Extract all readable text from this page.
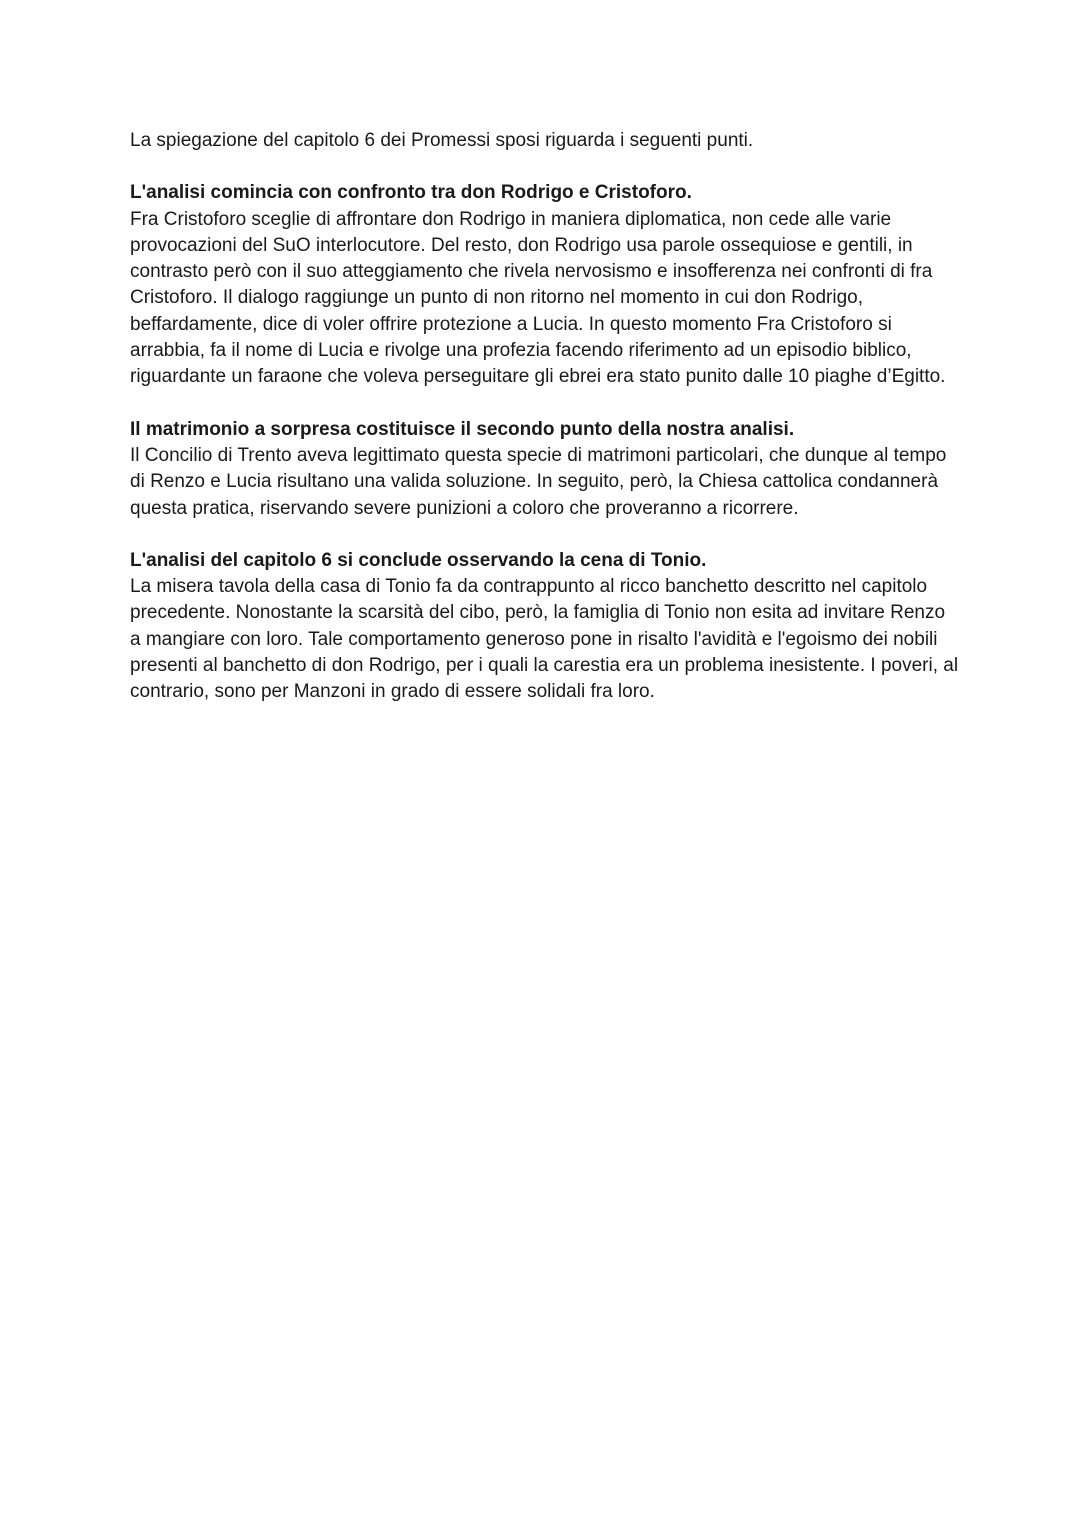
La spiegazione del capitolo 6 dei Promessi sposi riguarda i seguenti punti.

L'analisi comincia con confronto tra don Rodrigo e Cristoforo.

Fra Cristoforo sceglie di affrontare don Rodrigo in maniera diplomatica, non cede alle varie provocazioni del SuO interlocutore. Del resto, don Rodrigo usa parole ossequiose e gentili, in contrasto però con il suo atteggiamento che rivela nervosismo e insofferenza nei confronti di fra Cristoforo. Il dialogo raggiunge un punto di non ritorno nel momento in cui don Rodrigo, beffardamente, dice di voler offrire protezione a Lucia. In questo momento Fra Cristoforo si arrabbia, fa il nome di Lucia e rivolge una profezia facendo riferimento ad un episodio biblico, riguardante un faraone che voleva perseguitare gli ebrei era stato punito dalle 10 piaghe d’Egitto.

Il matrimonio a sorpresa costituisce il secondo punto della nostra analisi.

Il Concilio di Trento aveva legittimato questa specie di matrimoni particolari, che dunque al tempo di Renzo e Lucia risultano una valida soluzione. In seguito, però, la Chiesa cattolica condannerà questa pratica, riservando severe punizioni a coloro che proveranno a ricorrere.

L'analisi del capitolo 6 si conclude osservando la cena di Tonio.

La misera tavola della casa di Tonio fa da contrappunto al ricco banchetto descritto nel capitolo precedente. Nonostante la scarsità del cibo, però, la famiglia di Tonio non esita ad invitare Renzo a mangiare con loro. Tale comportamento generoso pone in risalto l'avidità e l'egoismo dei nobili presenti al banchetto di don Rodrigo, per i quali la carestia era un problema inesistente. I poveri, al contrario, sono per Manzoni in grado di essere solidali fra loro.
